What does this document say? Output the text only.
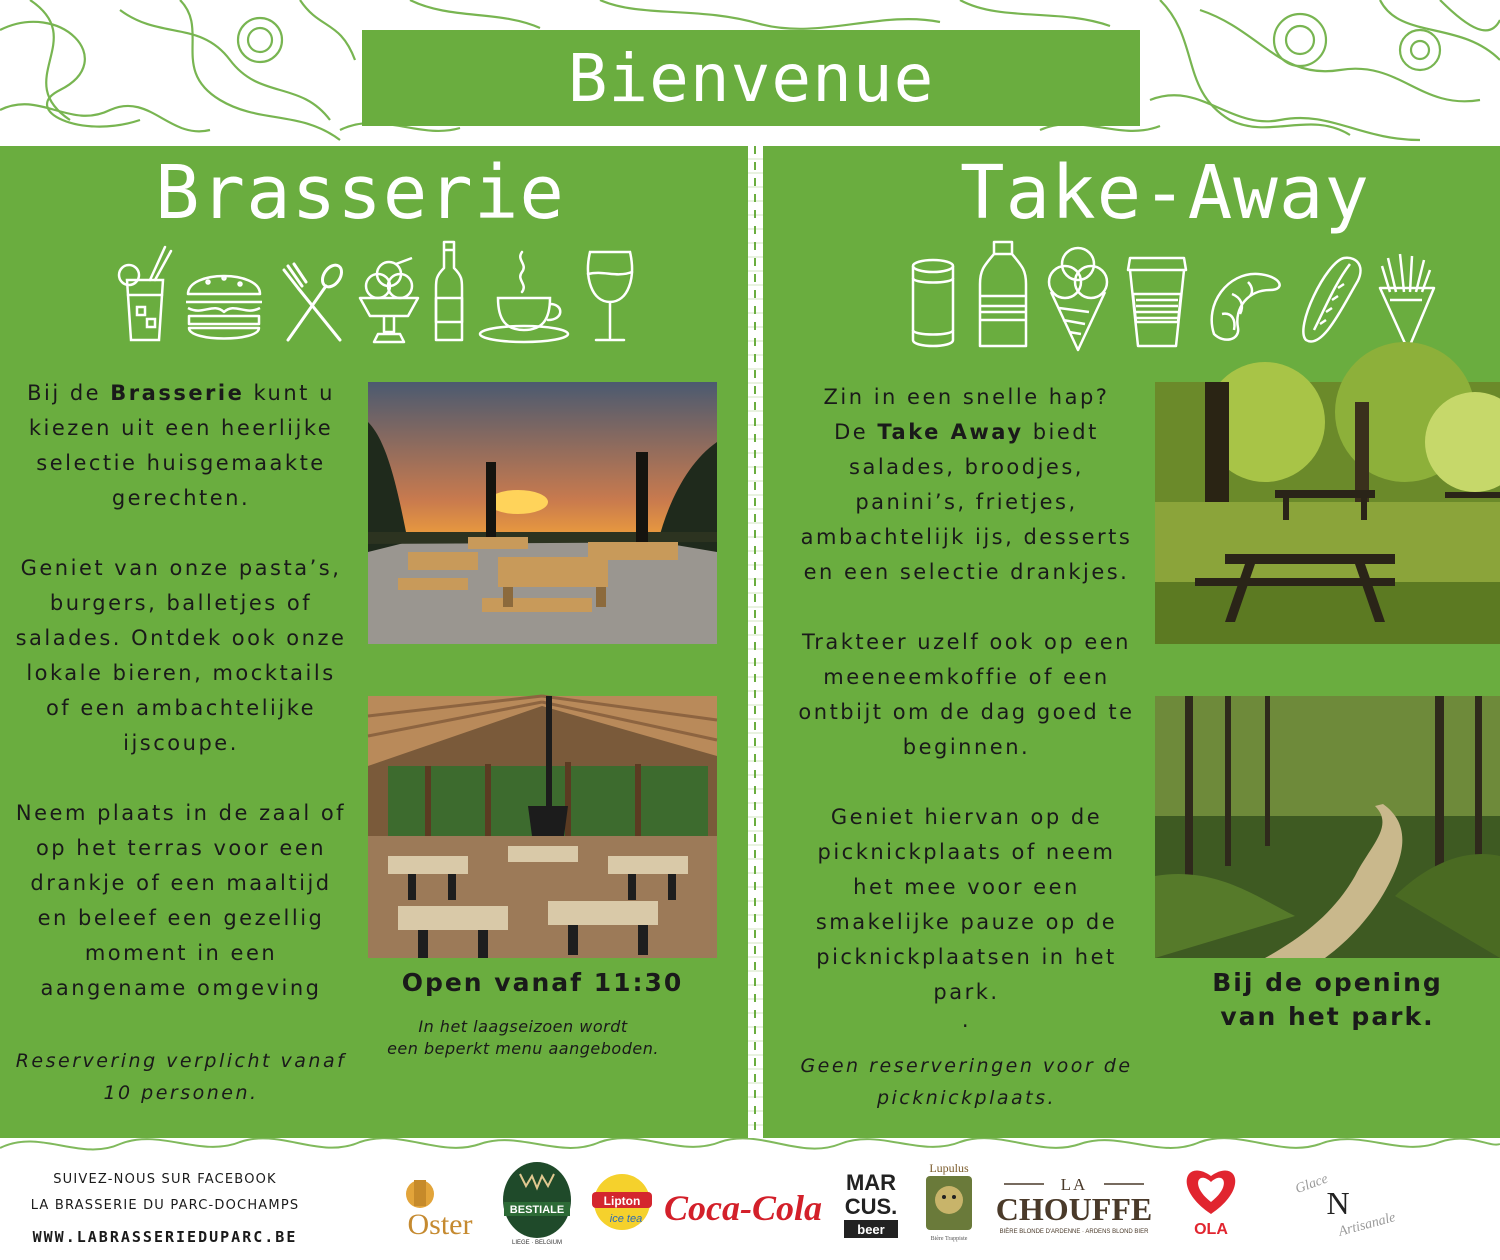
Bienvenue
Brasserie
Bij de Brasserie kunt u
kiezen uit een heerlijke
selectie huisgemaakte
gerechten.
Geniet van onze pasta’s,
burgers, balletjes of
salades. Ontdek ook onze
lokale bieren, mocktails
of een ambachtelijke
ijscoupe.
Neem plaats in de zaal of
op het terras voor een
drankje of een maaltijd
en beleef een gezellig
moment in een
aangename omgeving
Reservering verplicht vanaf
10 personen.
Open vanaf 11:30
In het laagseizoen wordt
een beperkt menu aangeboden.
Take-Away
Zin in een snelle hap?
De Take Away biedt
salades, broodjes,
panini’s, frietjes,
ambachtelijk ijs, desserts
en een selectie drankjes.
Trakteer uzelf ook op een
meeneemkoffie of een
ontbijt om de dag goed te
beginnen.
Geniet hiervan op de
picknickplaats of neem
het mee voor een
smakelijke pauze op de
picknickplaatsen in het
park.
.
Geen reserveringen voor de
picknickplaats.
Bij de opening
van het park.
SUIVEZ-NOUS SUR FACEBOOK
LA BRASSERIE DU PARC-DOCHAMPS
WWW.LABRASSERIEDUPARC.BE	Oster	BESTIALE
LIEGE · BELGIUM
Lipton
ice tea Coca-Cola
MAR
CUS.
beer
Lupulus
Bière Trappiste
LA
CHOUFFE
BIÈRE BLONDE D'ARDENNE · ARDENS BLOND BIER	OLA
Glace
N
Artisanale
